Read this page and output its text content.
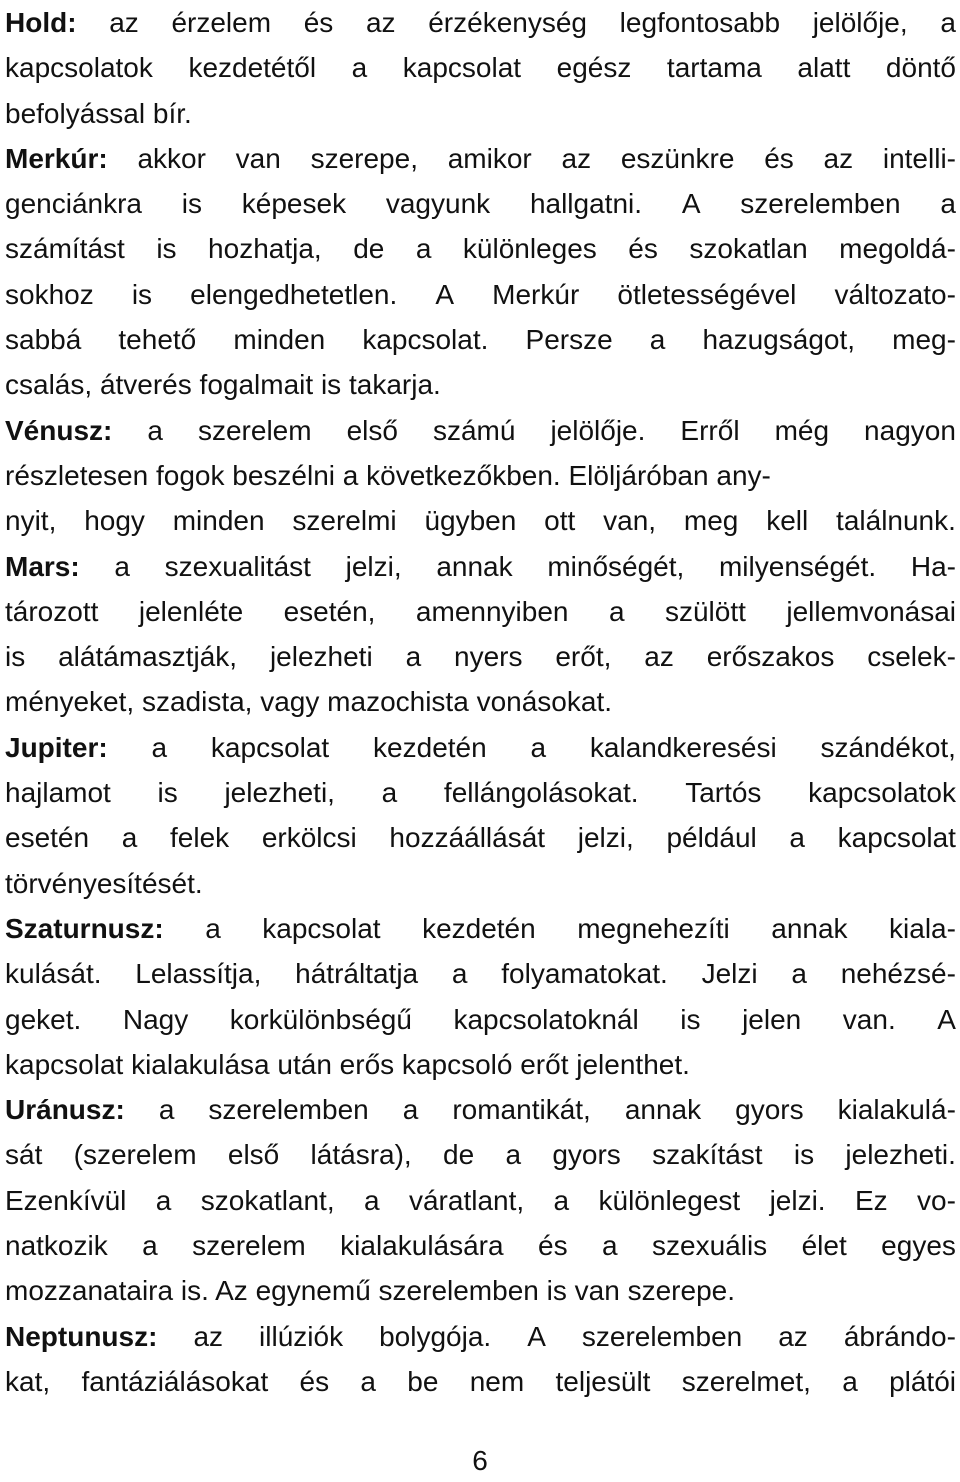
Hold: az érzelem és az érzékenység legfontosabb jelölője, a
kapcsolatok kezdetétől a kapcsolat egész tartama alatt döntő
befolyással bír.
Merkúr: akkor van szerepe, amikor az eszünkre és az intelli-
genciánkra is képesek vagyunk hallgatni. A szerelemben a
számítást is hozhatja, de a különleges és szokatlan megoldá-
sokhoz is elengedhetetlen. A Merkúr ötletességével változato-
sabbá tehető minden kapcsolat. Persze a hazugságot, meg-
csalás, átverés fogalmait is takarja.
Vénusz: a szerelem első számú jelölője. Erről még nagyon
részletesen fogok beszélni a következőkben. Elöljáróban any-
nyit, hogy minden szerelmi ügyben ott van, meg kell találnunk.
Mars: a szexualitást jelzi, annak minőségét, milyenségét. Ha-
tározott jelenléte esetén, amennyiben a szülött jellemvonásai
is alátámasztják, jelezheti a nyers erőt, az erőszakos cselek-
ményeket, szadista, vagy mazochista vonásokat.
Jupiter: a kapcsolat kezdetén a kalandkeresési szándékot,
hajlamot is jelezheti, a fellángolásokat. Tartós kapcsolatok
esetén a felek erkölcsi hozzáállását jelzi, például a kapcsolat
törvényesítését.
Szaturnusz: a kapcsolat kezdetén megnehezíti annak kiala-
kulását. Lelassítja, hátráltatja a folyamatokat. Jelzi a nehézsé-
geket. Nagy korkülönbségű kapcsolatoknál is jelen van. A
kapcsolat kialakulása után erős kapcsoló erőt jelenthet.
Uránusz: a szerelemben a romantikát, annak gyors kialakulá-
sát (szerelem első látásra), de a gyors szakítást is jelezheti.
Ezenkívül a szokatlant, a váratlant, a különlegest jelzi. Ez vo-
natkozik a szerelem kialakulására és a szexuális élet egyes
mozzanataira is. Az egynemű szerelemben is van szerepe.
Neptunusz: az illúziók bolygója. A szerelemben az ábrándo-
kat, fantáziálásokat és a be nem teljesült szerelmet, a plátói
6
